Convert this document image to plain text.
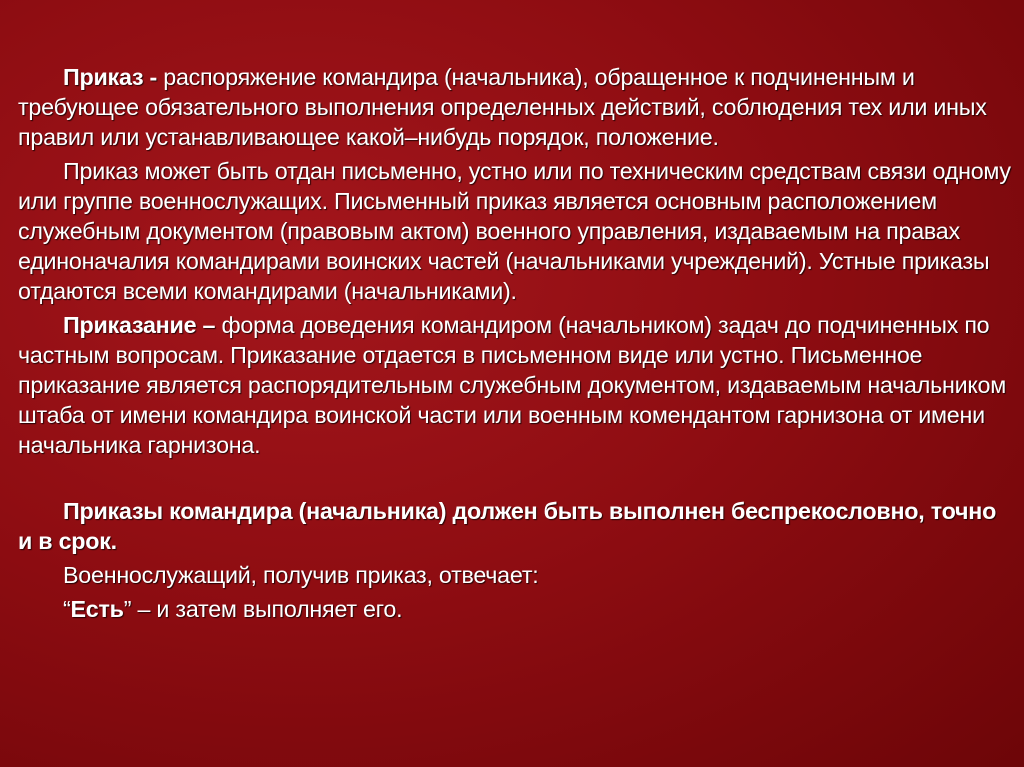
Приказ - распоряжение командира (начальника), обращенное к подчиненным и требующее обязательного выполнения определенных действий, соблюдения тех или иных правил или устанавливающее какой–нибудь порядок, положение.

Приказ может быть отдан письменно, устно или по техническим средствам связи одному или группе военнослужащих. Письменный приказ является основным расположением служебным документом (правовым актом) военного управления, издаваемым на правах единоначалия командирами воинских частей (начальниками учреждений). Устные приказы отдаются всеми командирами (начальниками).

Приказание – форма доведения командиром (начальником) задач до подчиненных по частным вопросам. Приказание отдается в письменном виде или устно. Письменное приказание является распорядительным служебным документом, издаваемым начальником штаба от имени командира воинской части или военным комендантом гарнизона от имени начальника гарнизона.

Приказы командира (начальника) должен быть выполнен беспрекословно, точно и в срок.

Военнослужащий, получив приказ, отвечает:

“Есть” – и затем выполняет его.
